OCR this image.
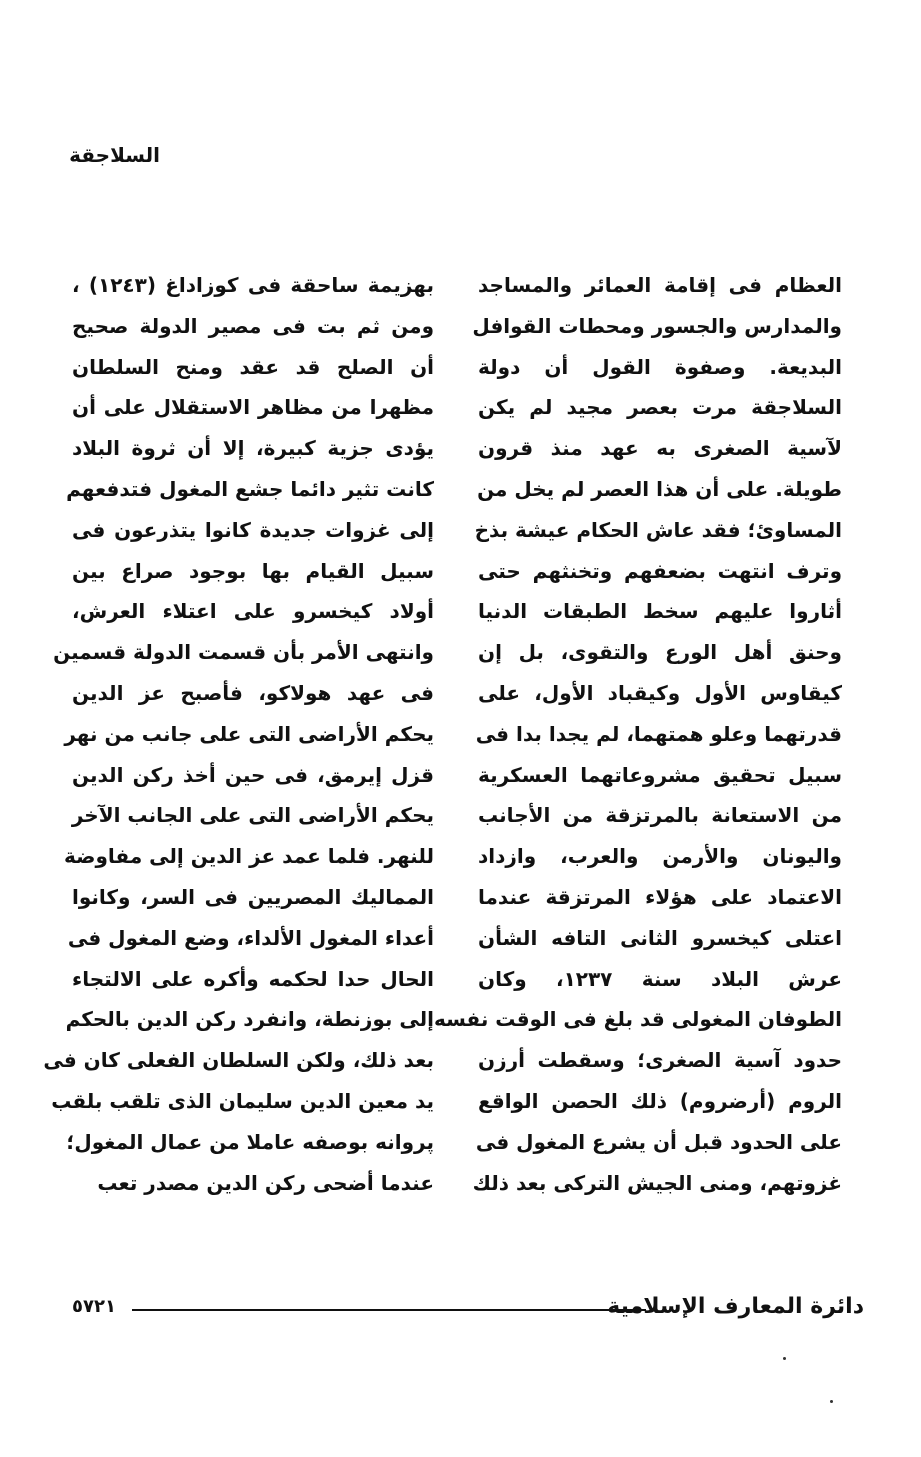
السلاجقة
العظام فى إقامة العمائر والمساجد
والمدارس والجسور ومحطات القوافل
البديعة. وصفوة القول أن دولة
السلاجقة مرت بعصر مجيد لم يكن
لآسية الصغرى به عهد منذ قرون
طويلة. على أن هذا العصر لم يخل من
المساوئ؛ فقد عاش الحكام عيشة بذخ
وترف انتهت بضعفهم وتخنثهم حتى
أثاروا عليهم سخط الطبقات الدنيا
وحنق أهل الورع والتقوى، بل إن
كيقاوس الأول وكيقباد الأول، على
قدرتهما وعلو همتهما، لم يجدا بدا فى
سبيل تحقيق مشروعاتهما العسكرية
من الاستعانة بالمرتزقة من الأجانب
واليونان والأرمن والعرب، وازداد
الاعتماد على هؤلاء المرتزقة عندما
اعتلى كيخسرو الثانى التافه الشأن
عرش البلاد سنة ١٢٣٧، وكان
الطوفان المغولى قد بلغ فى الوقت نفسه
حدود آسية الصغرى؛ وسقطت أرزن
الروم (أرضروم) ذلك الحصن الواقع
على الحدود قبل أن يشرع المغول فى
غزوتهم، ومنى الجيش التركى بعد ذلك
بهزيمة ساحقة فى كوزاداغ (١٢٤٣) ،
ومن ثم بت فى مصير الدولة صحيح
أن الصلح قد عقد ومنح السلطان
مظهرا من مظاهر الاستقلال على أن
يؤدى جزية كبيرة، إلا أن ثروة البلاد
كانت تثير دائما جشع المغول فتدفعهم
إلى غزوات جديدة كانوا يتذرعون فى
سبيل القيام بها بوجود صراع بين
أولاد كيخسرو على اعتلاء العرش،
وانتهى الأمر بأن قسمت الدولة قسمين
فى عهد هولاكو، فأصبح عز الدين
يحكم الأراضى التى على جانب من نهر
قزل إيرمق، فى حين أخذ ركن الدين
يحكم الأراضى التى على الجانب الآخر
للنهر. فلما عمد عز الدين إلى مفاوضة
المماليك المصريين فى السر، وكانوا
أعداء المغول الألداء، وضع المغول فى
الحال حدا لحكمه وأكره على الالتجاء
إلى بوزنطة، وانفرد ركن الدين بالحكم
بعد ذلك، ولكن السلطان الفعلى كان فى
يد معين الدين سليمان الذى تلقب بلقب
پروانه بوصفه عاملا من عمال المغول؛
عندما أضحى ركن الدين مصدر تعب
دائرة المعارف الإسلامية
٥٧٢١
